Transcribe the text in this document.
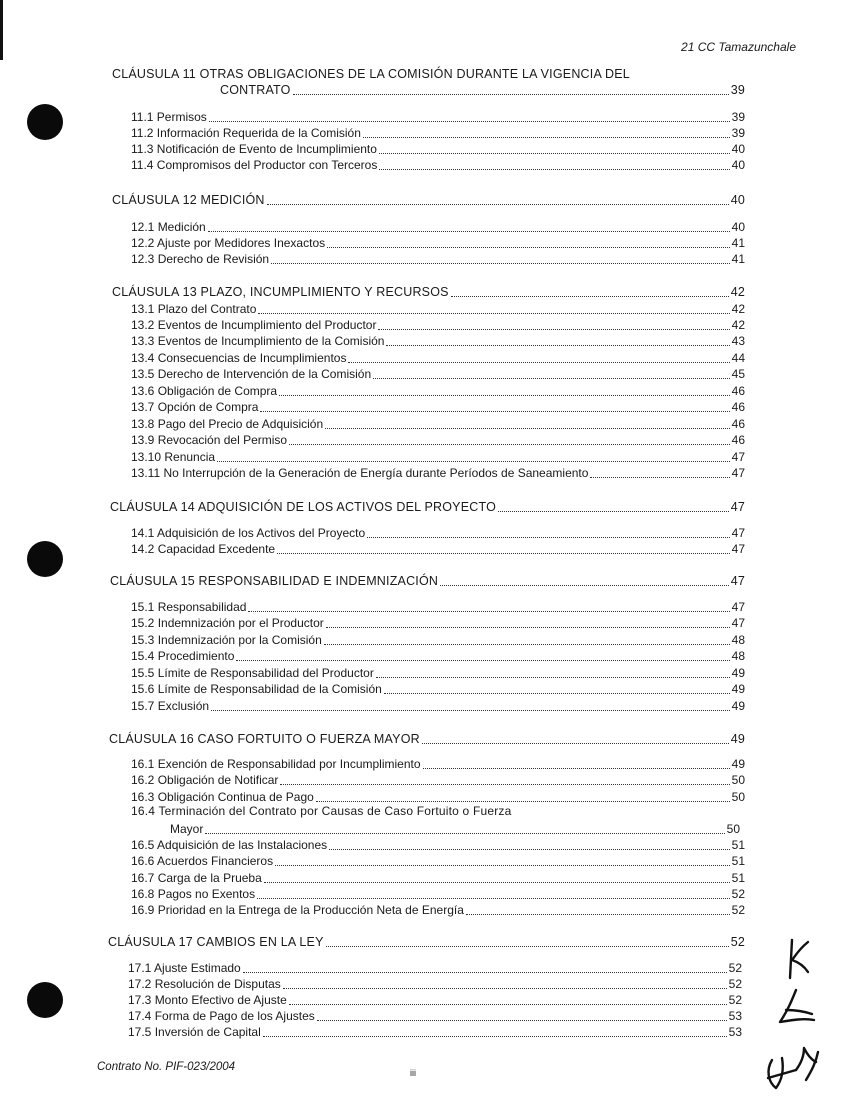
21 CC Tamazunchale
CLÁUSULA 11 OTRAS OBLIGACIONES DE LA COMISIÓN DURANTE LA VIGENCIA DEL
CONTRATO	39
11.1 Permisos	39
11.2 Información Requerida de la Comisión	39
11.3 Notificación de Evento de Incumplimiento	40
11.4 Compromisos del Productor con Terceros	40
CLÁUSULA 12 MEDICIÓN	40
12.1 Medición	40
12.2 Ajuste por Medidores Inexactos	41
12.3 Derecho de Revisión	41
CLÁUSULA 13 PLAZO, INCUMPLIMIENTO Y RECURSOS	42
13.1 Plazo del Contrato	42
13.2 Eventos de Incumplimiento del Productor	42
13.3 Eventos de Incumplimiento de la Comisión	43
13.4 Consecuencias de Incumplimientos	44
13.5 Derecho de Intervención de la Comisión	45
13.6 Obligación de Compra	46
13.7 Opción de Compra	46
13.8 Pago del Precio de Adquisición	46
13.9 Revocación del Permiso	46
13.10 Renuncia	47
13.11 No Interrupción de la Generación de Energía durante Períodos de Saneamiento	47
CLÁUSULA 14 ADQUISICIÓN DE LOS ACTIVOS DEL PROYECTO	47
14.1 Adquisición de los Activos del Proyecto	47
14.2 Capacidad Excedente	47
CLÁUSULA 15 RESPONSABILIDAD E INDEMNIZACIÓN	47
15.1 Responsabilidad	47
15.2 Indemnización por el Productor	47
15.3 Indemnización por la Comisión	48
15.4 Procedimiento	48
15.5 Límite de Responsabilidad del Productor	49
15.6 Límite de Responsabilidad de la Comisión	49
15.7 Exclusión	49
CLÁUSULA 16 CASO FORTUITO O FUERZA MAYOR	49
16.1 Exención de Responsabilidad por Incumplimiento	49
16.2 Obligación de Notificar	50
16.3 Obligación Continua de Pago	50
16.4 Terminación del Contrato por Causas de Caso Fortuito o Fuerza
Mayor	50
16.5 Adquisición de las Instalaciones	51
16.6 Acuerdos Financieros	51
16.7 Carga de la Prueba	51
16.8 Pagos no Exentos	52
16.9 Prioridad en la Entrega de la Producción Neta de Energía	52
CLÁUSULA 17 CAMBIOS EN LA LEY	52
17.1 Ajuste Estimado	52
17.2 Resolución de Disputas	52
17.3 Monto Efectivo de Ajuste	52
17.4 Forma de Pago de los Ajustes	53
17.5 Inversión de Capital	53
Contrato No. PIF-023/2004	iii
